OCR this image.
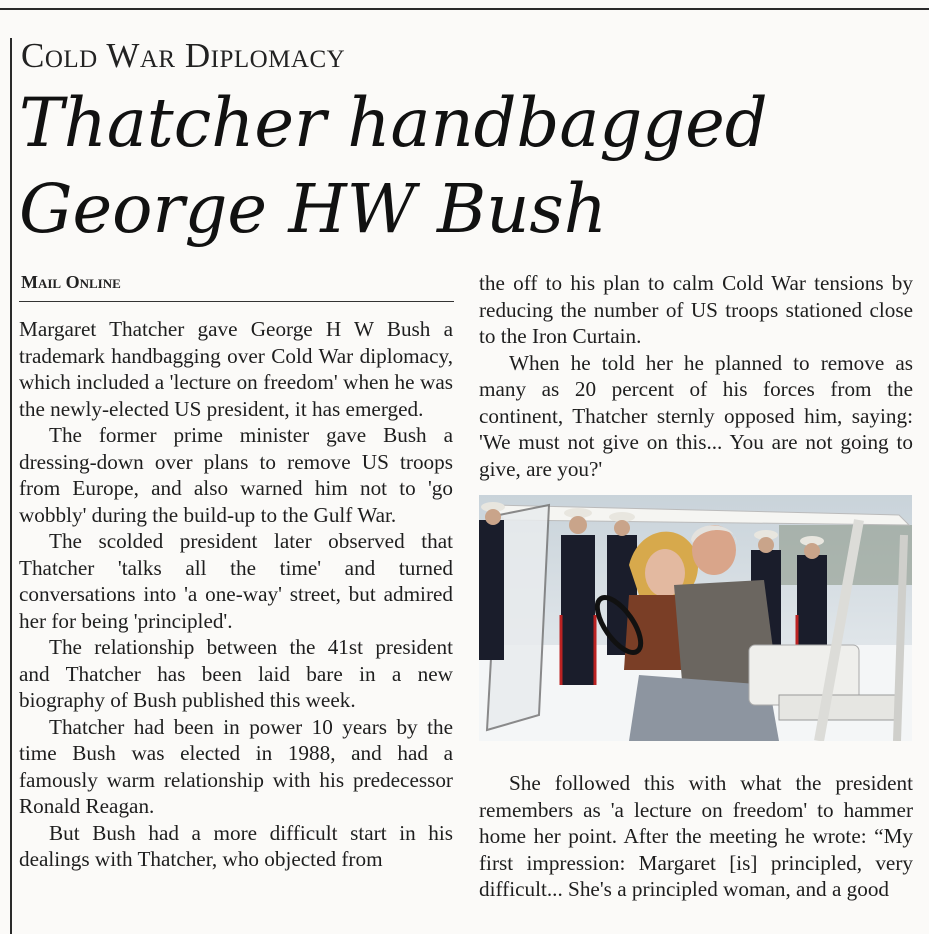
Cold War Diplomacy
Thatcher handbagged George HW Bush
Mail Online

Margaret Thatcher gave George H W Bush a trademark handbagging over Cold War diplomacy, which included a 'lecture on freedom' when he was the newly-elected US president, it has emerged.

The former prime minister gave Bush a dressing-down over plans to remove US troops from Europe, and also warned him not to 'go wobbly' during the build-up to the Gulf War.

The scolded president later observed that Thatcher 'talks all the time' and turned conversations into 'a one-way' street, but admired her for being 'principled'.

The relationship between the 41st president and Thatcher has been laid bare in a new biography of Bush published this week.

Thatcher had been in power 10 years by the time Bush was elected in 1988, and had a famously warm relationship with his predecessor Ronald Reagan.

But Bush had a more difficult start in his dealings with Thatcher, who objected from

the off to his plan to calm Cold War tensions by reducing the number of US troops stationed close to the Iron Curtain.

When he told her he planned to remove as many as 20 percent of his forces from the continent, Thatcher sternly opposed him, saying: 'We must not give on this... You are not going to give, are you?'

She followed this with what the president remembers as 'a lecture on freedom' to hammer home her point. After the meeting he wrote: “My first impression: Margaret [is] principled, very difficult... She's a principled woman, and a good
